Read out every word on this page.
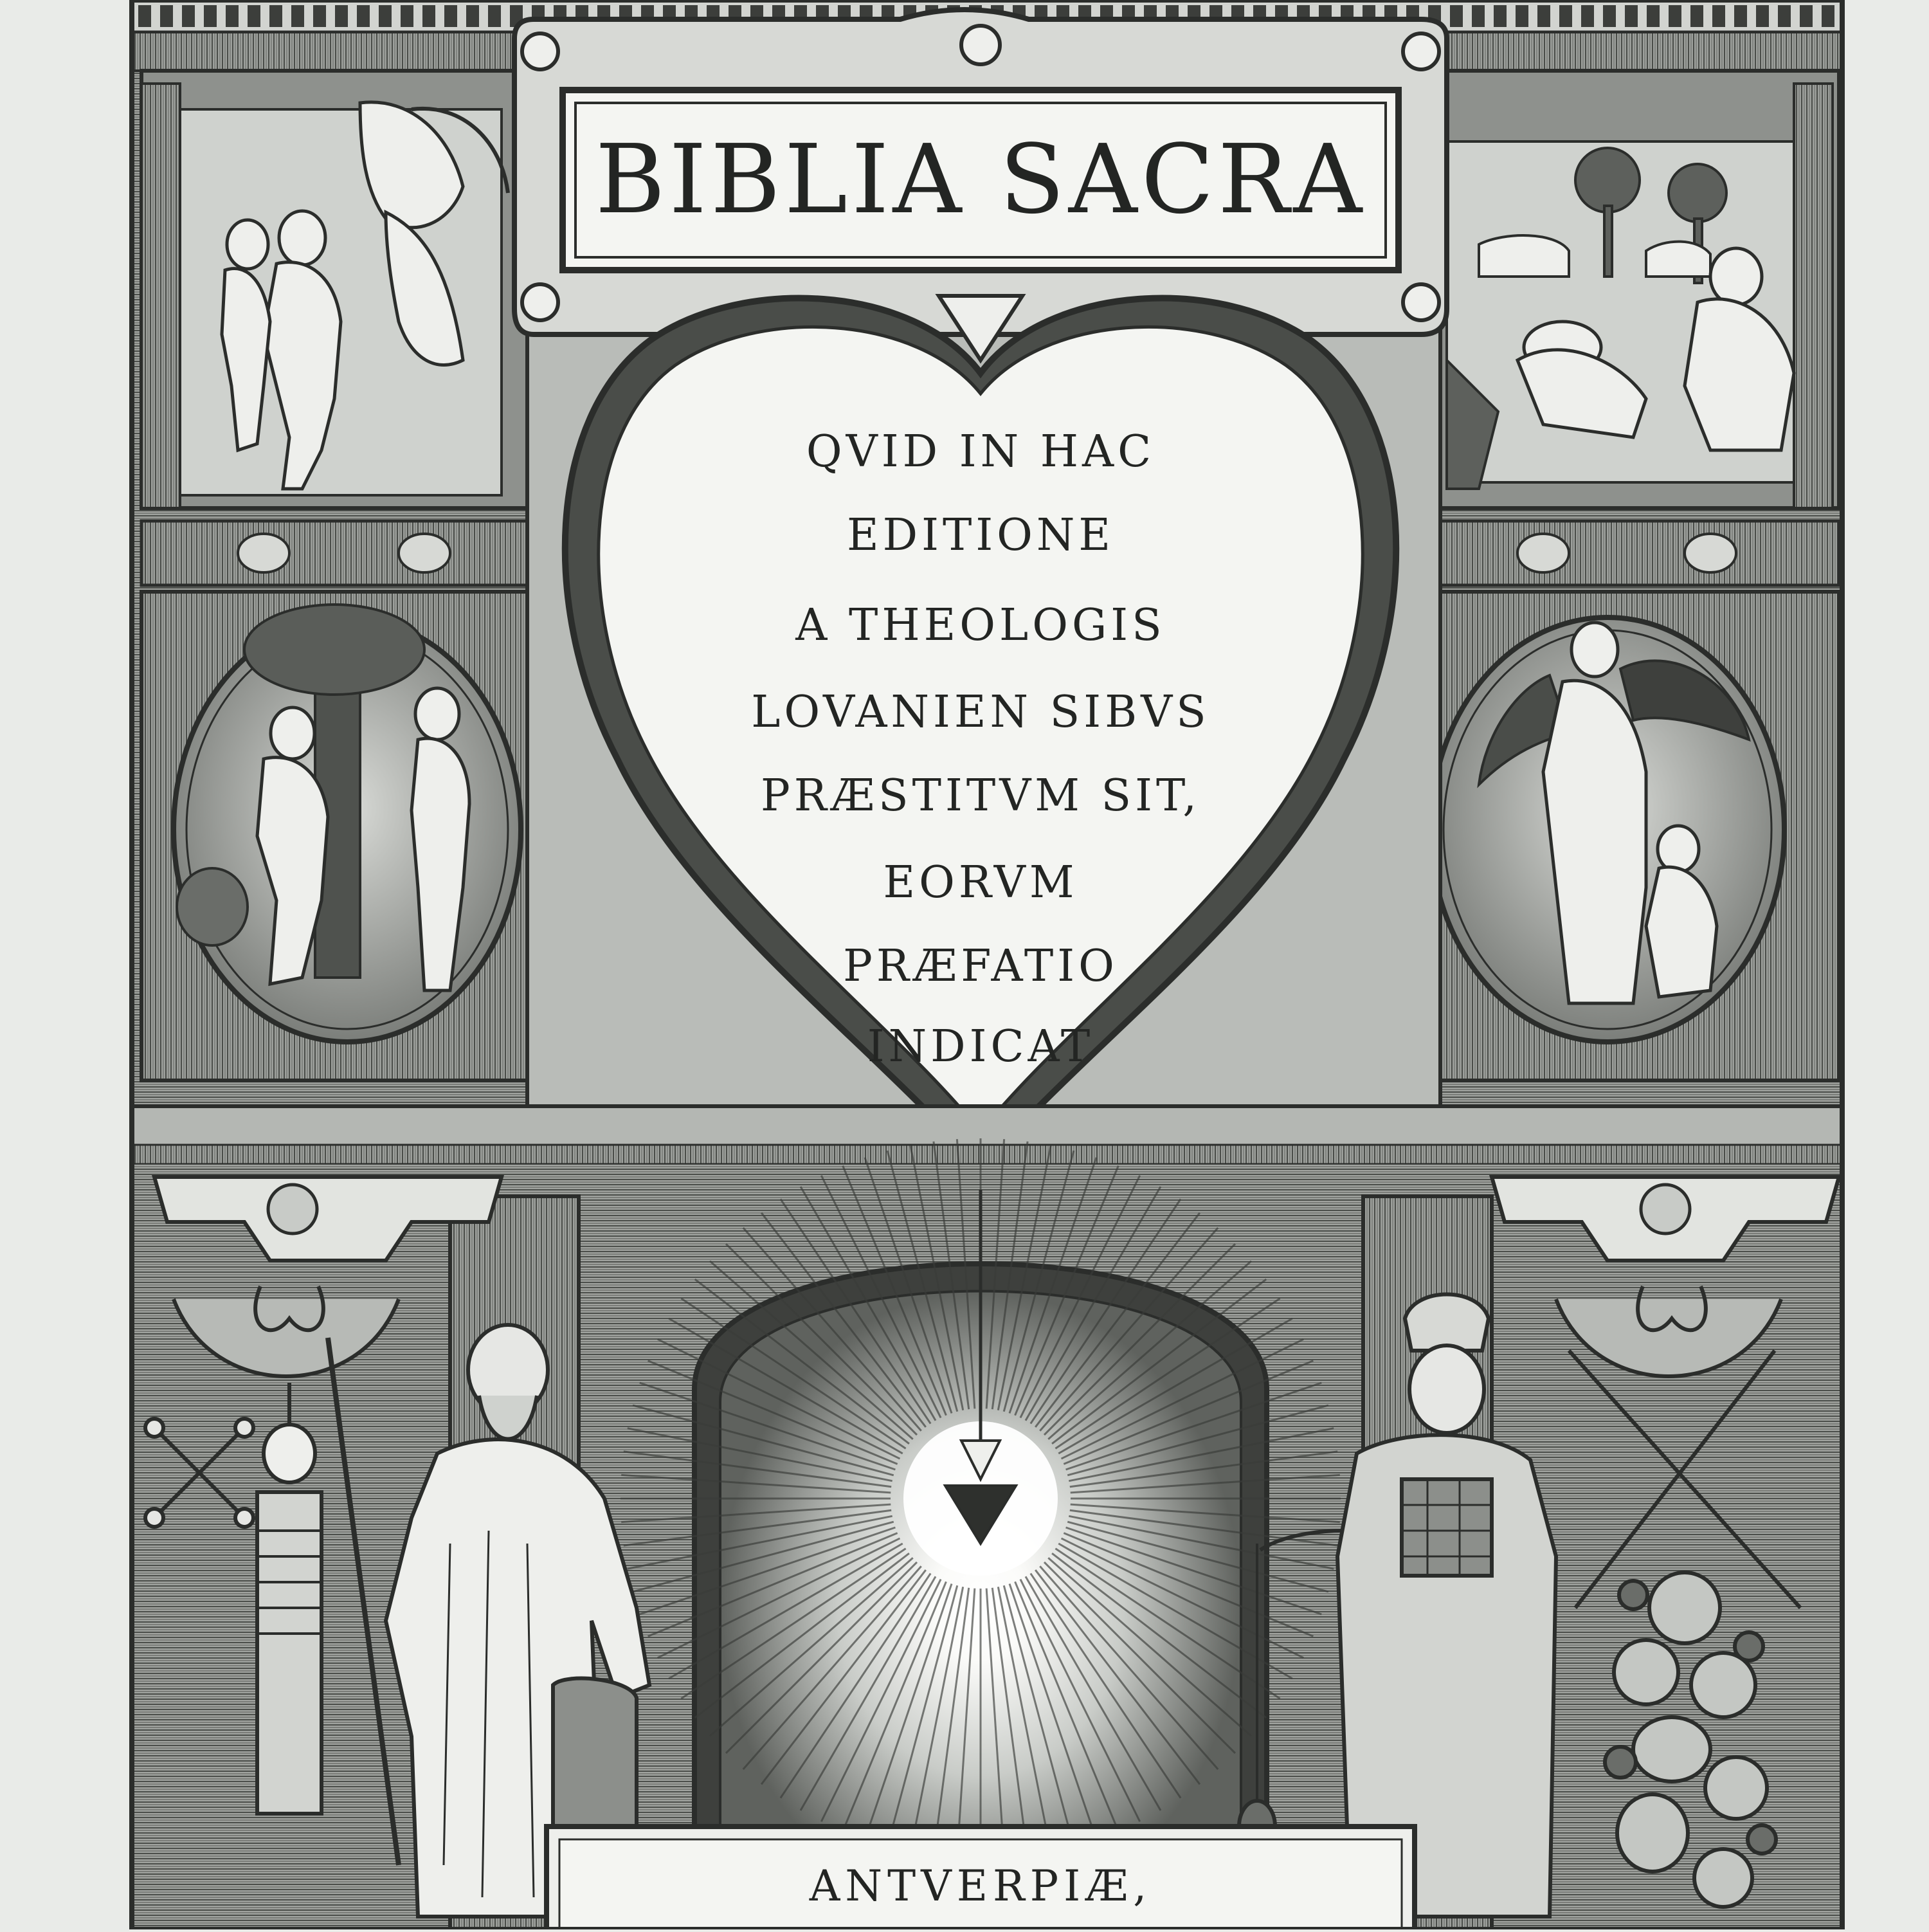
BIBLIA SACRA
QVID IN HAC
EDITIONE
A THEOLOGIS
LOVANIEN SIBVS
PRÆSTITVM SIT,
EORVM
PRÆFATIO
INDICAT
ANTVERPIÆ,
